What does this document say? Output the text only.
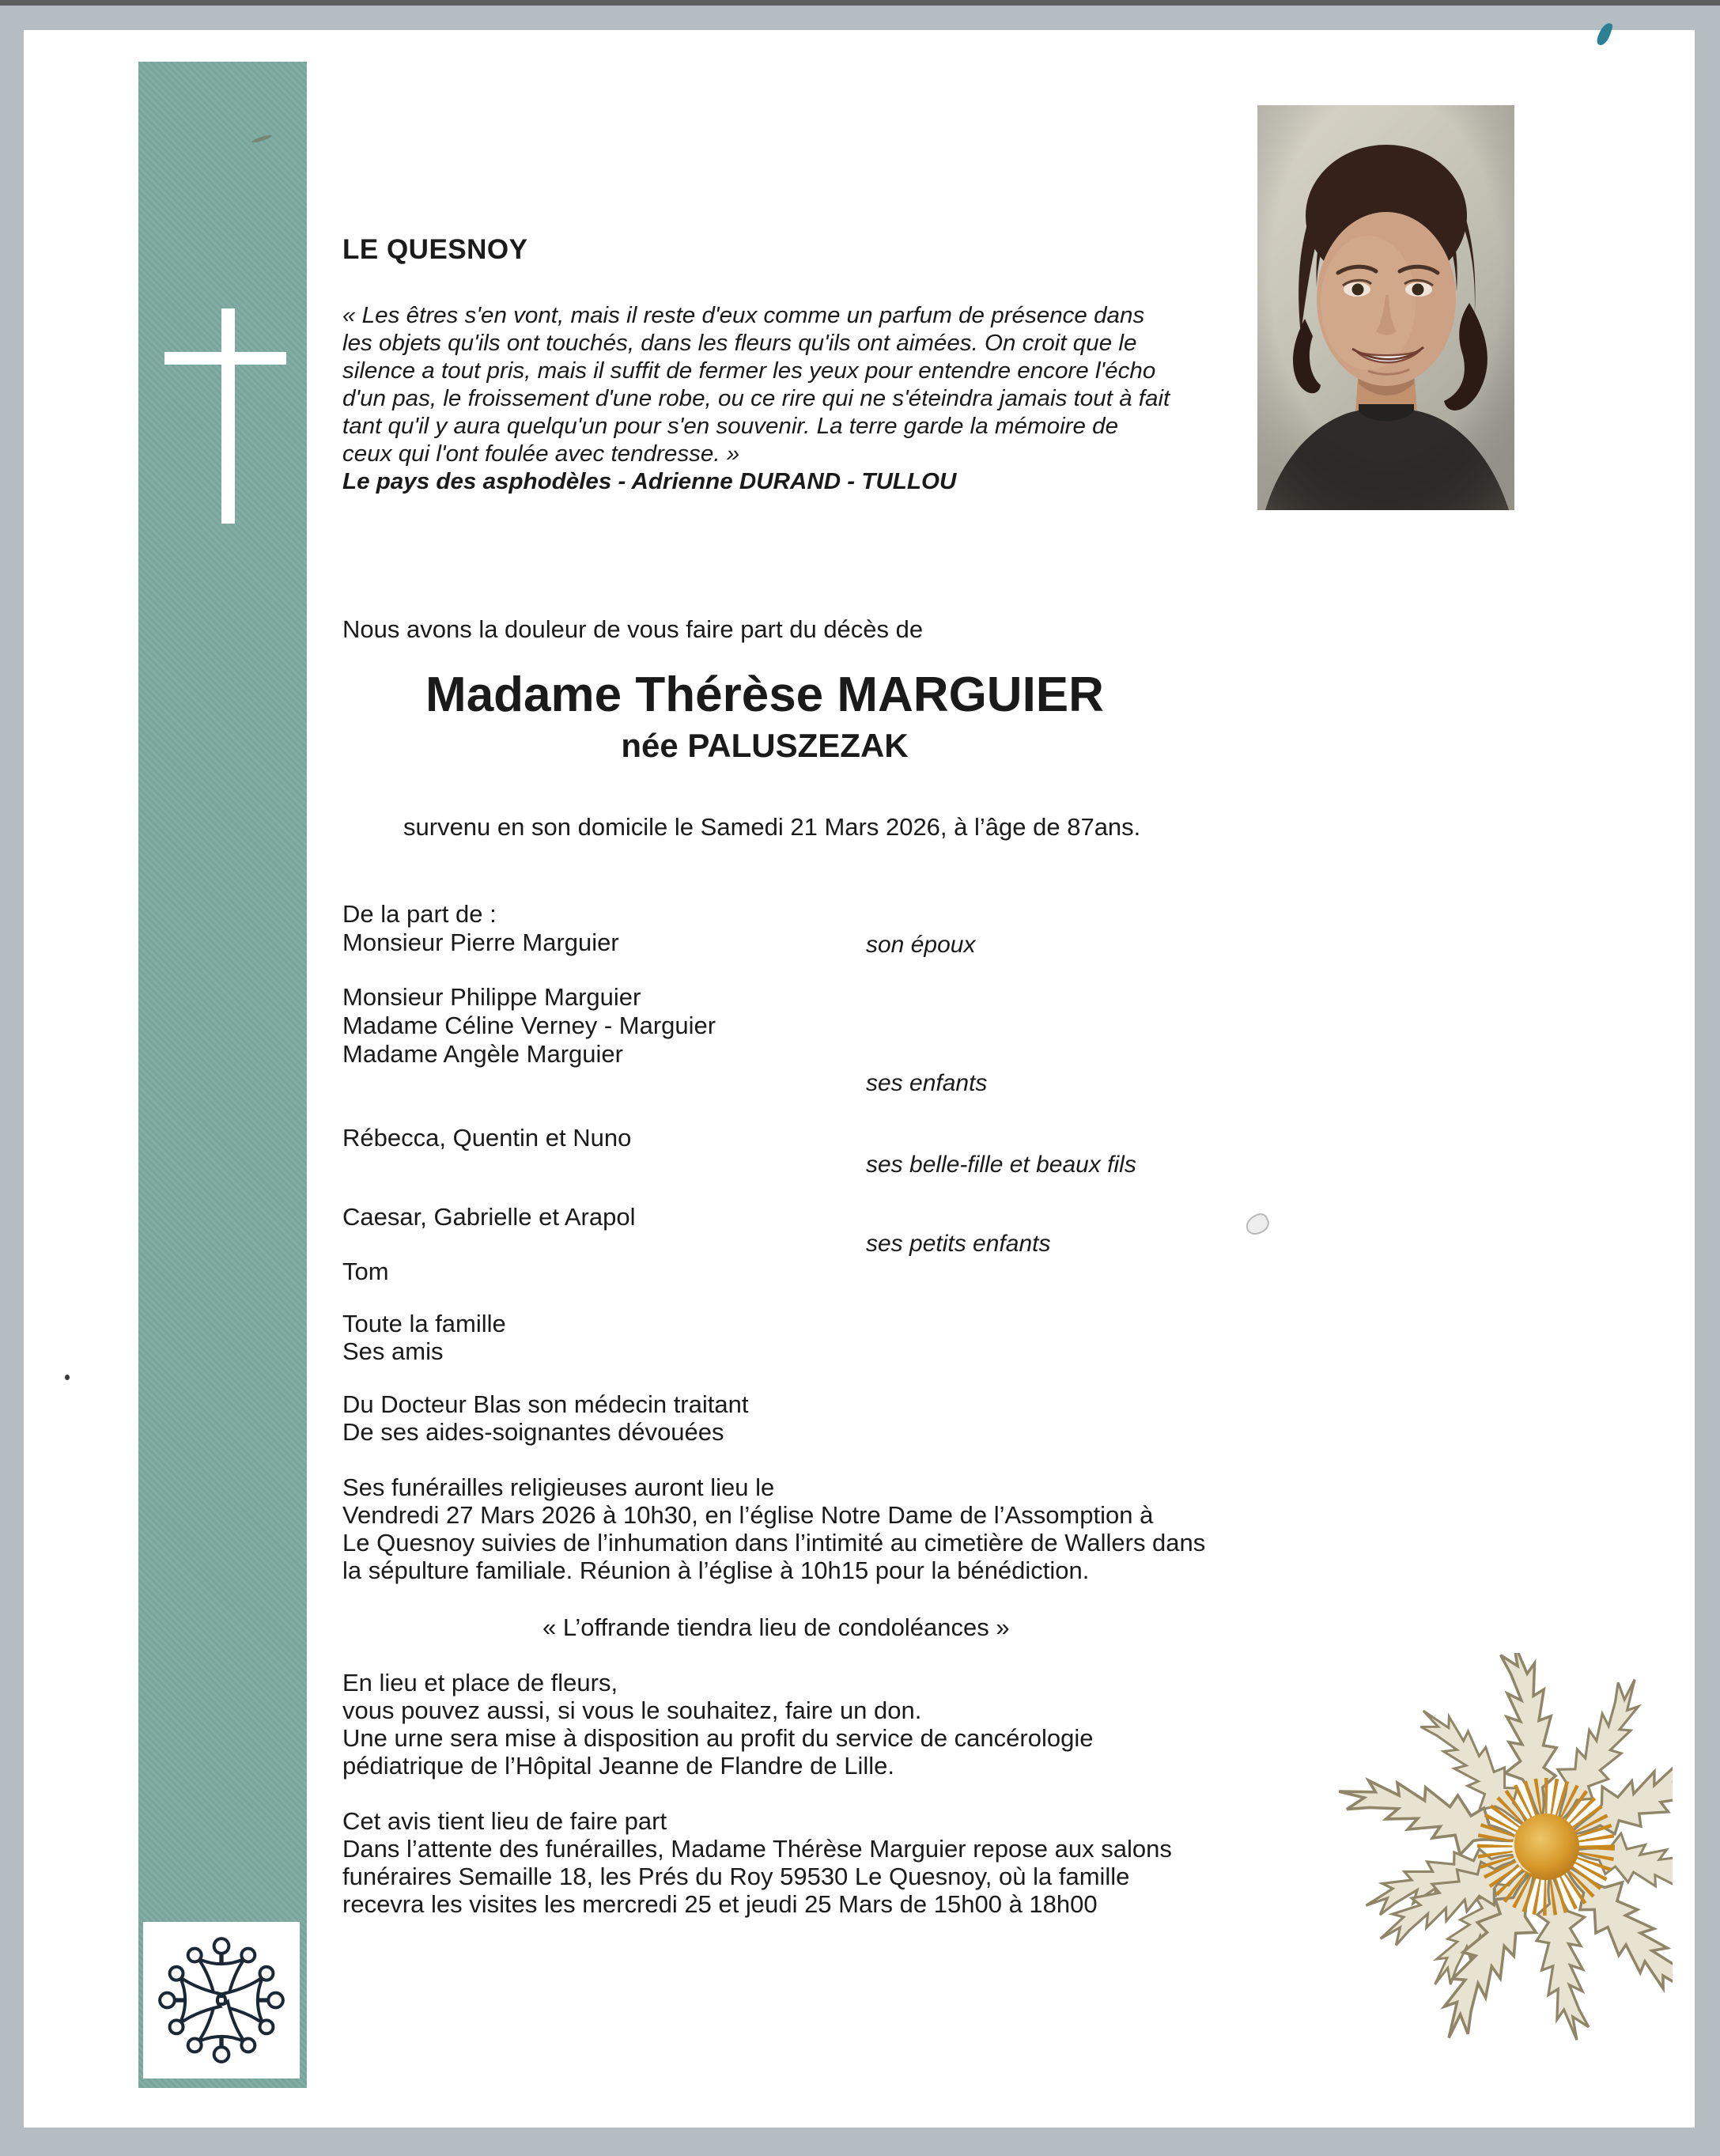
LE QUESNOY
« Les êtres s'en vont, mais il reste d'eux comme un parfum de présence dans
les objets qu'ils ont touchés, dans les fleurs qu'ils ont aimées. On croit que le
silence a tout pris, mais il suffit de fermer les yeux pour entendre encore l'écho
d'un pas, le froissement d'une robe, ou ce rire qui ne s'éteindra jamais tout à fait
tant qu'il y aura quelqu'un pour s'en souvenir. La terre garde la mémoire de
ceux qui l'ont foulée avec tendresse. »
Le pays des asphodèles - Adrienne DURAND - TULLOU
Nous avons la douleur de vous faire part du décès de
Madame Thérèse MARGUIER
née PALUSZEZAK
survenu en son domicile le Samedi 21 Mars 2026, à l’âge de 87ans.
De la part de :
Monsieur Pierre Marguier	son époux
Monsieur Philippe Marguier
Madame Céline Verney - Marguier
Madame Angèle Marguier
ses enfants
Rébecca, Quentin et Nuno
ses belle-fille et beaux fils
Caesar, Gabrielle et Arapol
ses petits enfants
Tom
Toute la famille
Ses amis
Du Docteur Blas son médecin traitant
De ses aides-soignantes dévouées
Ses funérailles religieuses auront lieu le
Vendredi 27 Mars 2026 à 10h30, en l’église Notre Dame de l’Assomption à
Le Quesnoy suivies de l’inhumation dans l’intimité au cimetière de Wallers dans
la sépulture familiale. Réunion à l’église à 10h15 pour la bénédiction.
« L’offrande tiendra lieu de condoléances »
En lieu et place de fleurs,
vous pouvez aussi, si vous le souhaitez, faire un don.
Une urne sera mise à disposition au profit du service de cancérologie
pédiatrique de l’Hôpital Jeanne de Flandre de Lille.
Cet avis tient lieu de faire part
Dans l’attente des funérailles, Madame Thérèse Marguier repose aux salons
funéraires Semaille 18, les Prés du Roy 59530 Le Quesnoy, où la famille
recevra les visites les mercredi 25 et jeudi 25 Mars de 15h00 à 18h00
